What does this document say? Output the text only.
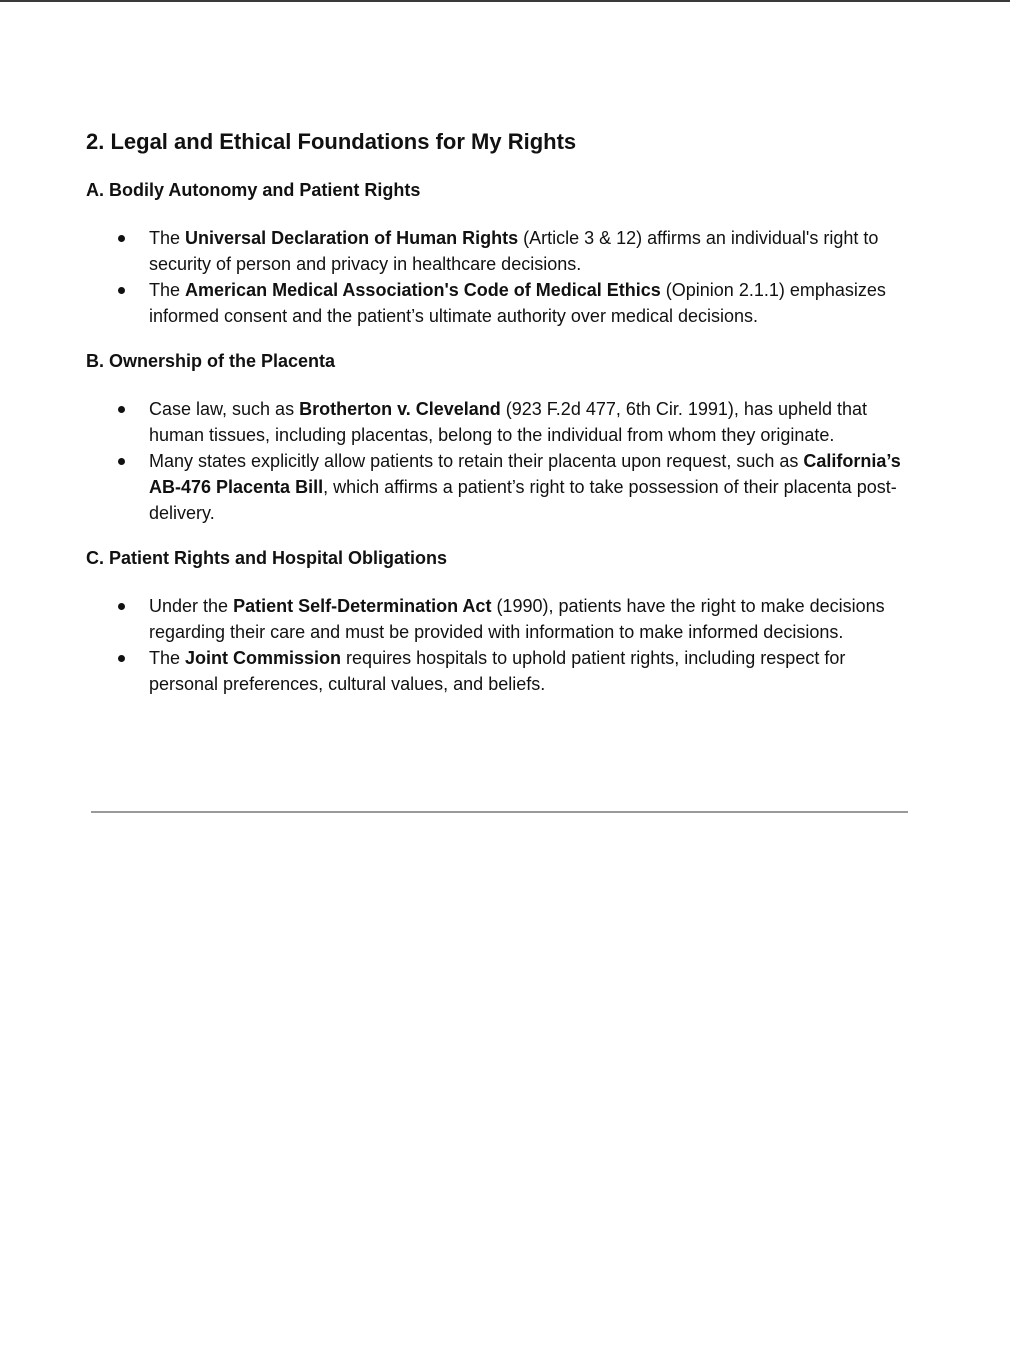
2. Legal and Ethical Foundations for My Rights
A. Bodily Autonomy and Patient Rights
The Universal Declaration of Human Rights (Article 3 & 12) affirms an individual's right to security of person and privacy in healthcare decisions.
The American Medical Association's Code of Medical Ethics (Opinion 2.1.1) emphasizes informed consent and the patient’s ultimate authority over medical decisions.
B. Ownership of the Placenta
Case law, such as Brotherton v. Cleveland (923 F.2d 477, 6th Cir. 1991), has upheld that human tissues, including placentas, belong to the individual from whom they originate.
Many states explicitly allow patients to retain their placenta upon request, such as California’s AB-476 Placenta Bill, which affirms a patient’s right to take possession of their placenta post-delivery.
C. Patient Rights and Hospital Obligations
Under the Patient Self-Determination Act (1990), patients have the right to make decisions regarding their care and must be provided with information to make informed decisions.
The Joint Commission requires hospitals to uphold patient rights, including respect for personal preferences, cultural values, and beliefs.
